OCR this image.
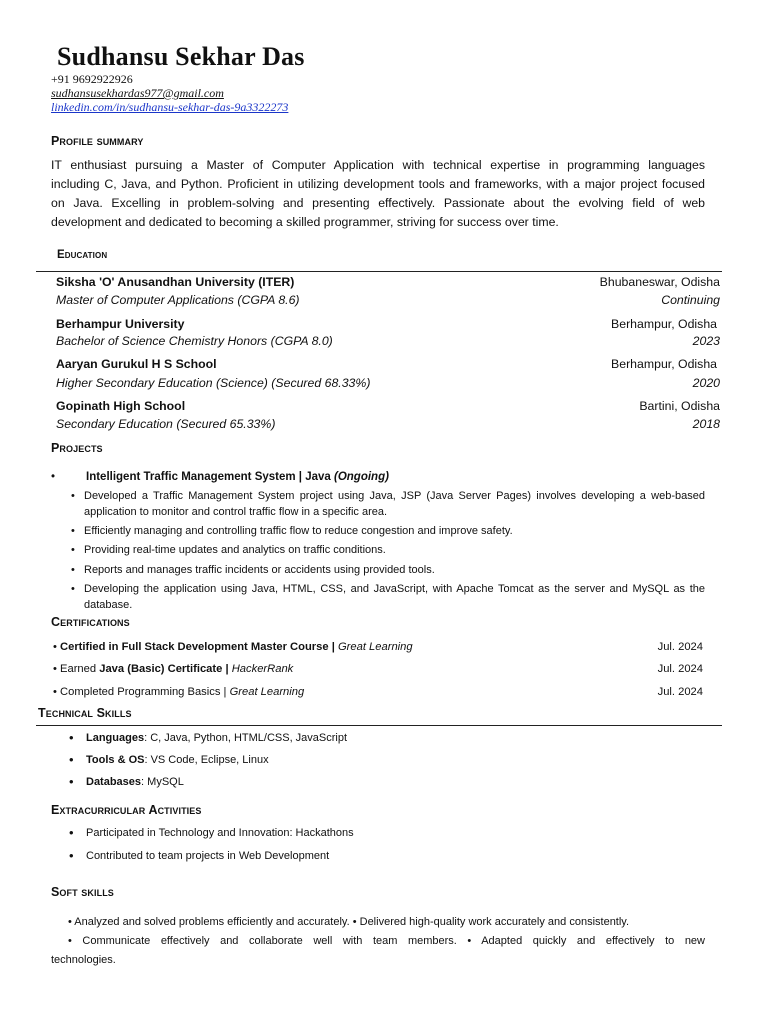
Sudhansu Sekhar Das
+91 9692922926
sudhansusekhardas977@gmail.com
linkedin.com/in/sudhansu-sekhar-das-9a3322273
Profile summary
IT enthusiast pursuing a Master of Computer Application with technical expertise in programming languages
including C, Java, and Python. Proficient in utilizing development tools and frameworks, with a major project focused
on Java. Excelling in problem-solving and presenting effectively. Passionate about the evolving field of web
development and dedicated to becoming a skilled programmer, striving for success over time.
Education
Siksha 'O' Anusandhan University (ITER)	Bhubaneswar, Odisha
Master of Computer Applications (CGPA 8.6)	Continuing
Berhampur University	Berhampur, Odisha
Bachelor of Science Chemistry Honors (CGPA 8.0)	2023
Aaryan Gurukul H S School	Berhampur, Odisha
Higher Secondary Education (Science) (Secured 68.33%)	2020
Gopinath High School	Bartini, Odisha
Secondary Education (Secured 65.33%)	2018
Projects
•	Intelligent Traffic Management System | Java (Ongoing)
• Developed a Traffic Management System project using Java, JSP (Java Server Pages) involves developing a web-based application to monitor and control traffic flow in a specific area.
• Efficiently managing and controlling traffic flow to reduce congestion and improve safety.
• Providing real-time updates and analytics on traffic conditions.
• Reports and manages traffic incidents or accidents using provided tools.
• Developing the application using Java, HTML, CSS, and JavaScript, with Apache Tomcat as the server and MySQL as the database.
Certifications
• Certified in Full Stack Development Master Course | Great Learning	Jul. 2024
• Earned Java (Basic) Certificate | HackerRank	Jul. 2024
• Completed Programming Basics | Great Learning	Jul. 2024
Technical Skills
• Languages: C, Java, Python, HTML/CSS, JavaScript
• Tools & OS: VS Code, Eclipse, Linux
• Databases: MySQL
Extracurricular Activities
• Participated in Technology and Innovation: Hackathons
• Contributed to team projects in Web Development
Soft skills
• Analyzed and solved problems efficiently and accurately. • Delivered high-quality work accurately and consistently.
• Communicate effectively and collaborate well with team members. • Adapted quickly and effectively to new
technologies.
